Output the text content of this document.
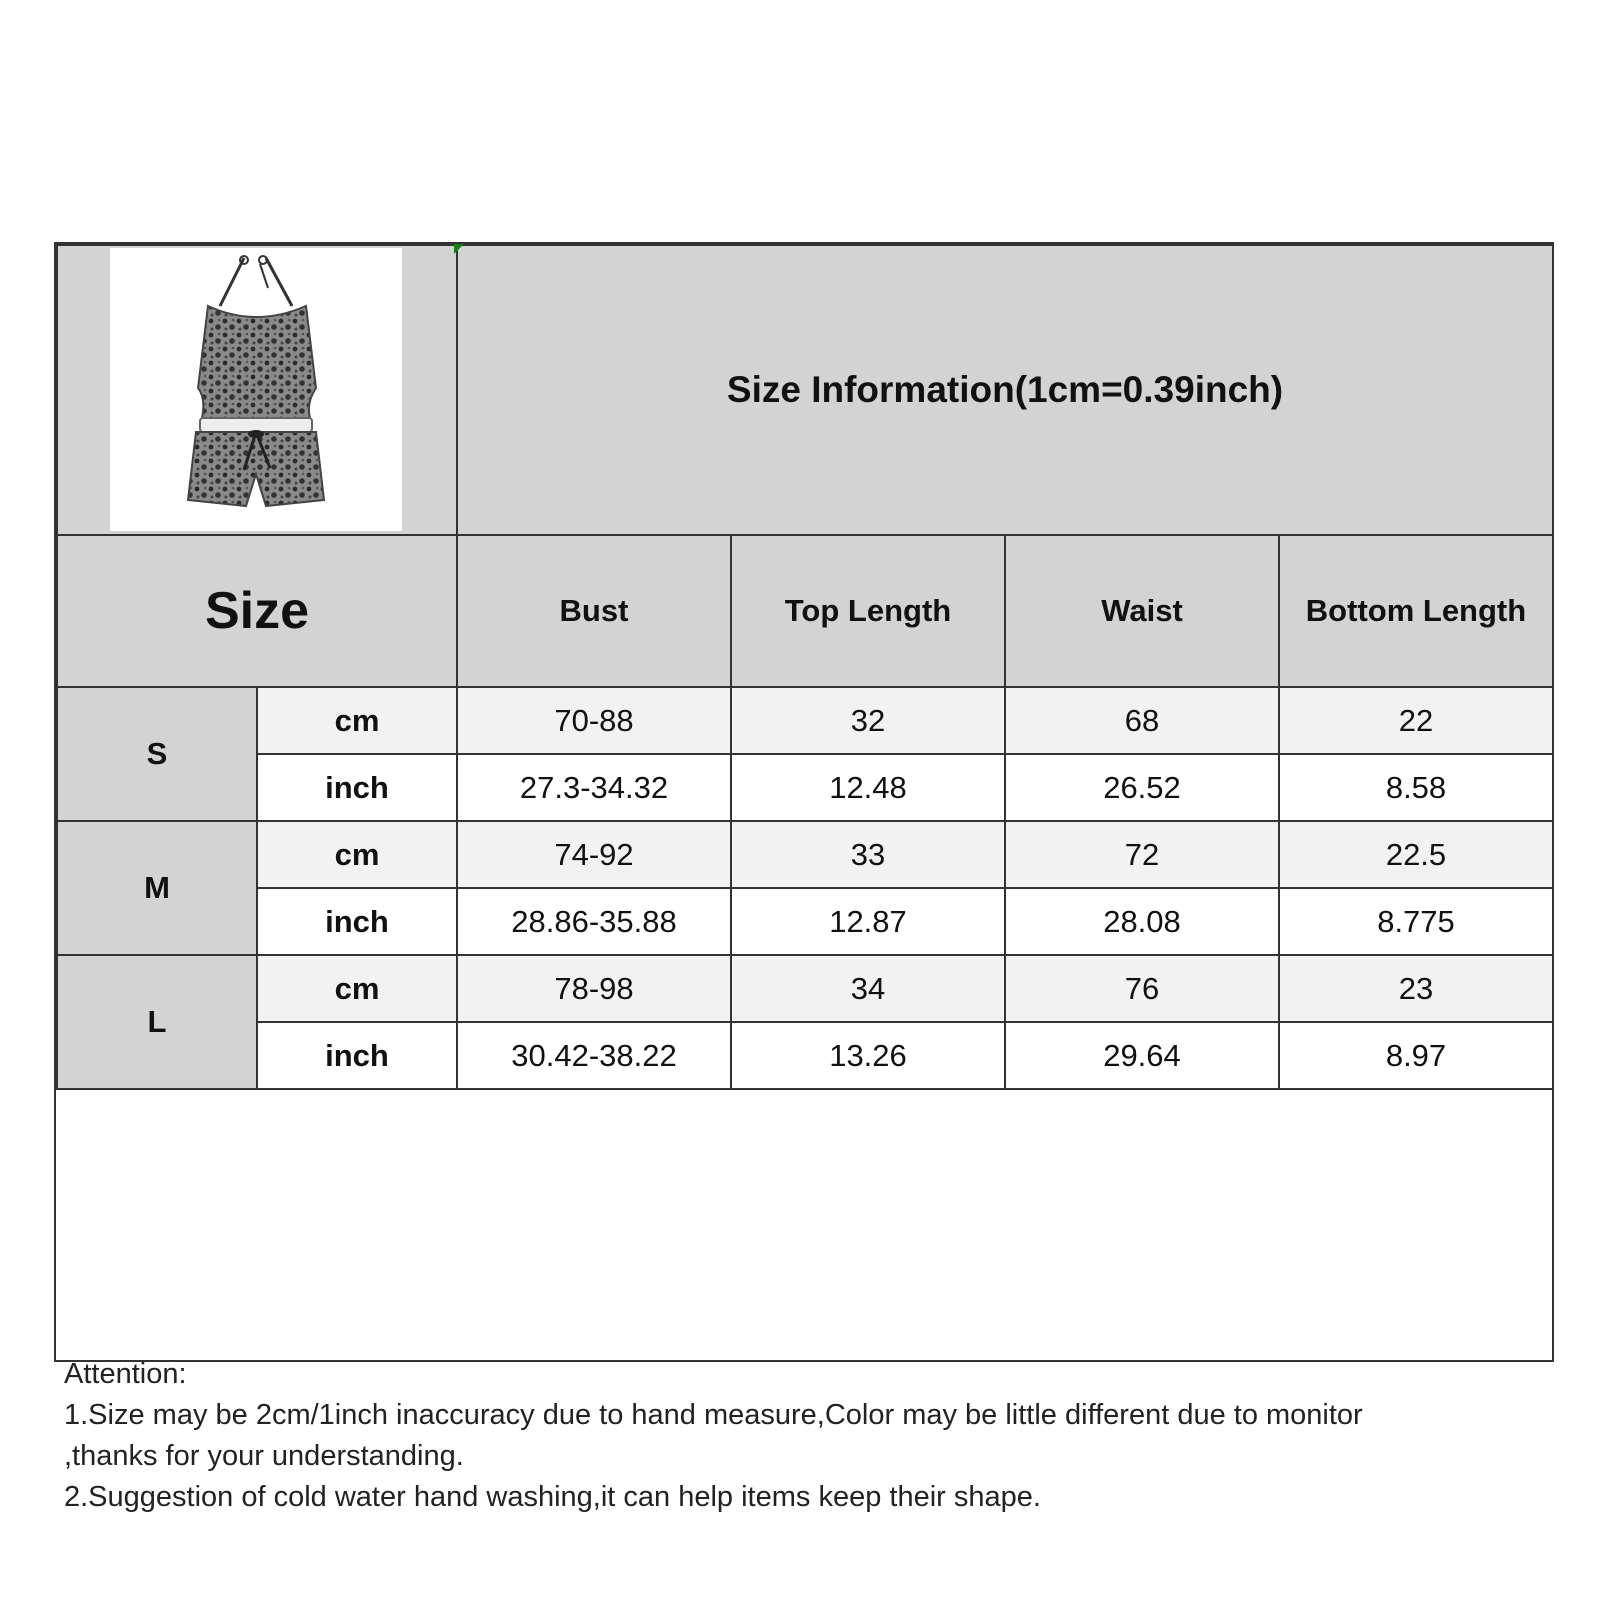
	Size Information(1cm=0.39inch)			
Size		Bust	Top Length	Waist	Bottom Length
S	cm	70-88	32	68	22
	inch	27.3-34.32	12.48	26.52	8.58
M	cm	74-92	33	72	22.5
	inch	28.86-35.88	12.87	28.08	8.775
L	cm	78-98	34	76	23
	inch	30.42-38.22	13.26	29.64	8.97
Attention:
1.Size may be 2cm/1inch inaccuracy due to hand measure,Color may be little different due to monitor
,thanks for your understanding.
2.Suggestion of cold water hand washing,it can help items keep their shape.
